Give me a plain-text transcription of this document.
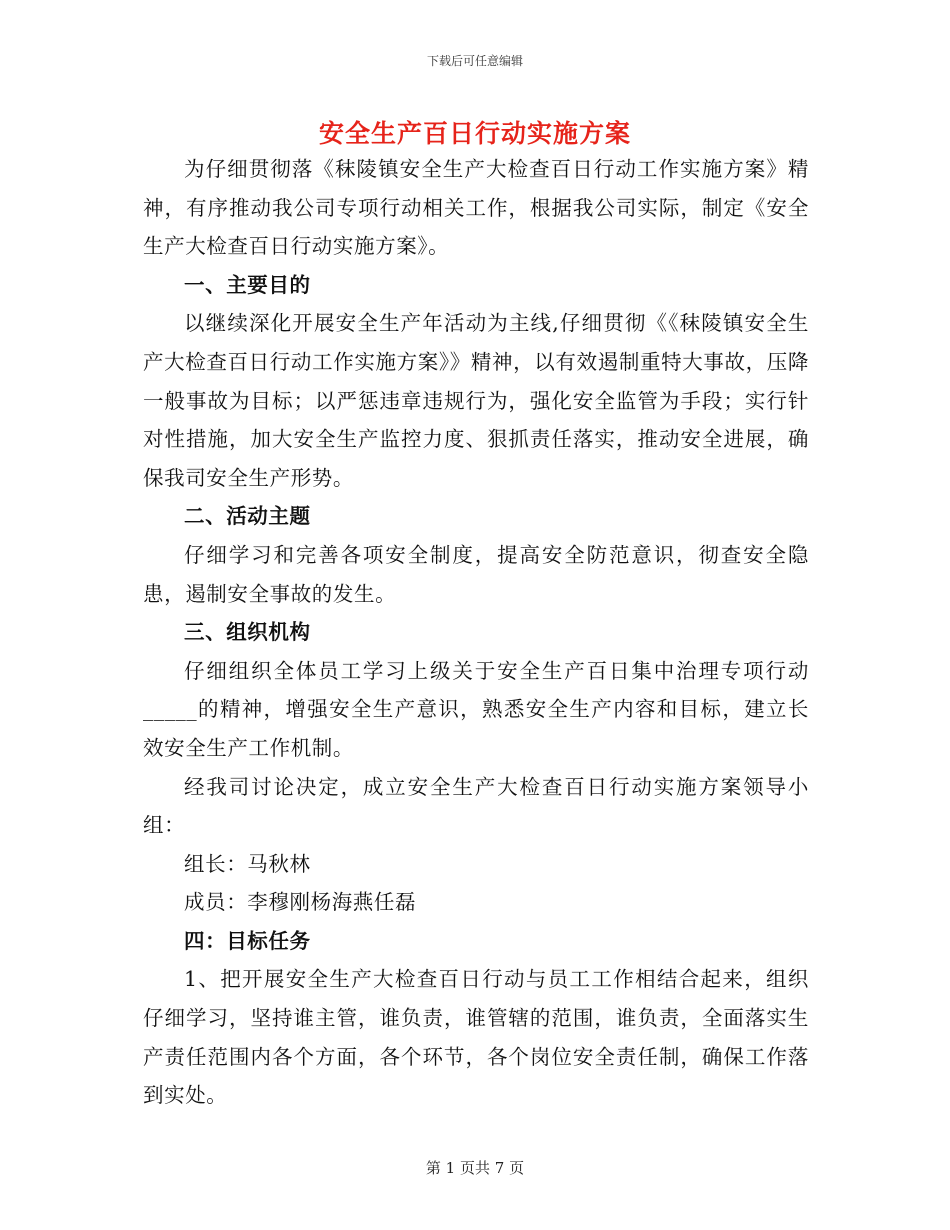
下载后可任意编辑
安全生产百日行动实施方案

为仔细贯彻落《秣陵镇安全生产大检查百日行动工作实施方案》精神，有序推动我公司专项行动相关工作，根据我公司实际，制定《安全生产大检查百日行动实施方案》。

一、主要目的

以继续深化开展安全生产年活动为主线,仔细贯彻《《秣陵镇安全生产大检查百日行动工作实施方案》》精神，以有效遏制重特大事故，压降一般事故为目标；以严惩违章违规行为，强化安全监管为手段；实行针对性措施，加大安全生产监控力度、狠抓责任落实，推动安全进展，确保我司安全生产形势。

二、活动主题

仔细学习和完善各项安全制度，提高安全防范意识，彻查安全隐患，遏制安全事故的发生。

三、组织机构

仔细组织全体员工学习上级关于安全生产百日集中治理专项行动_____的精神，增强安全生产意识，熟悉安全生产内容和目标，建立长效安全生产工作机制。

经我司讨论决定，成立安全生产大检查百日行动实施方案领导小组：

组长：马秋林

成员：李穆刚杨海燕任磊

四：目标任务

1、把开展安全生产大检查百日行动与员工工作相结合起来，组织仔细学习，坚持谁主管，谁负责，谁管辖的范围，谁负责，全面落实生产责任范围内各个方面，各个环节，各个岗位安全责任制，确保工作落到实处。

第 1 页共 7 页
